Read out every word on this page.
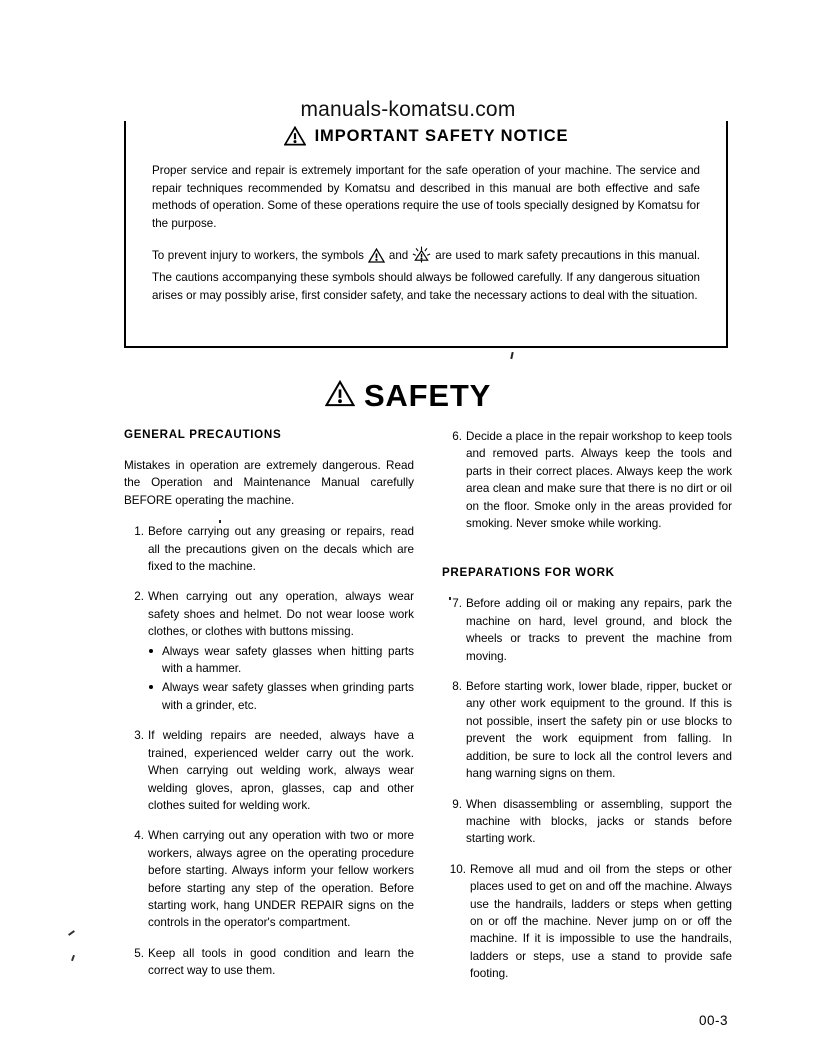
IMPORTANT SAFETY NOTICE

Proper service and repair is extremely important for the safe operation of your machine. The service and repair techniques recommended by Komatsu and described in this manual are both effective and safe methods of operation. Some of these operations require the use of tools specially designed by Komatsu for the purpose.

To prevent injury to workers, the symbols and are used to mark safety precautions in this manual. The cautions accompanying these symbols should always be followed carefully. If any dangerous situation arises or may possibly arise, first consider safety, and take the necessary actions to deal with the situation.

manuals-komatsu.com
SAFETY
GENERAL PRECAUTIONS

Mistakes in operation are extremely dangerous. Read the Operation and Maintenance Manual carefully BEFORE operating the machine.

1. Before carrying out any greasing or repairs, read all the precautions given on the decals which are fixed to the machine.
2. When carrying out any operation, always wear safety shoes and helmet. Do not wear loose work clothes, or clothes with buttons missing.
Always wear safety glasses when hitting parts with a hammer.
Always wear safety glasses when grinding parts with a grinder, etc.
3. If welding repairs are needed, always have a trained, experienced welder carry out the work. When carrying out welding work, always wear welding gloves, apron, glasses, cap and other clothes suited for welding work.
4. When carrying out any operation with two or more workers, always agree on the operating procedure before starting. Always inform your fellow workers before starting any step of the operation. Before starting work, hang UNDER REPAIR signs on the controls in the operator's compartment.
5. Keep all tools in good condition and learn the correct way to use them.
6. Decide a place in the repair workshop to keep tools and removed parts. Always keep the tools and parts in their correct places. Always keep the work area clean and make sure that there is no dirt or oil on the floor. Smoke only in the areas provided for smoking. Never smoke while working.
PREPARATIONS FOR WORK
7. Before adding oil or making any repairs, park the machine on hard, level ground, and block the wheels or tracks to prevent the machine from moving.
8. Before starting work, lower blade, ripper, bucket or any other work equipment to the ground. If this is not possible, insert the safety pin or use blocks to prevent the work equipment from falling. In addition, be sure to lock all the control levers and hang warning signs on them.
9. When disassembling or assembling, support the machine with blocks, jacks or stands before starting work.
10. Remove all mud and oil from the steps or other places used to get on and off the machine. Always use the handrails, ladders or steps when getting on or off the machine. Never jump on or off the machine. If it is impossible to use the handrails, ladders or steps, use a stand to provide safe footing.
00-3
